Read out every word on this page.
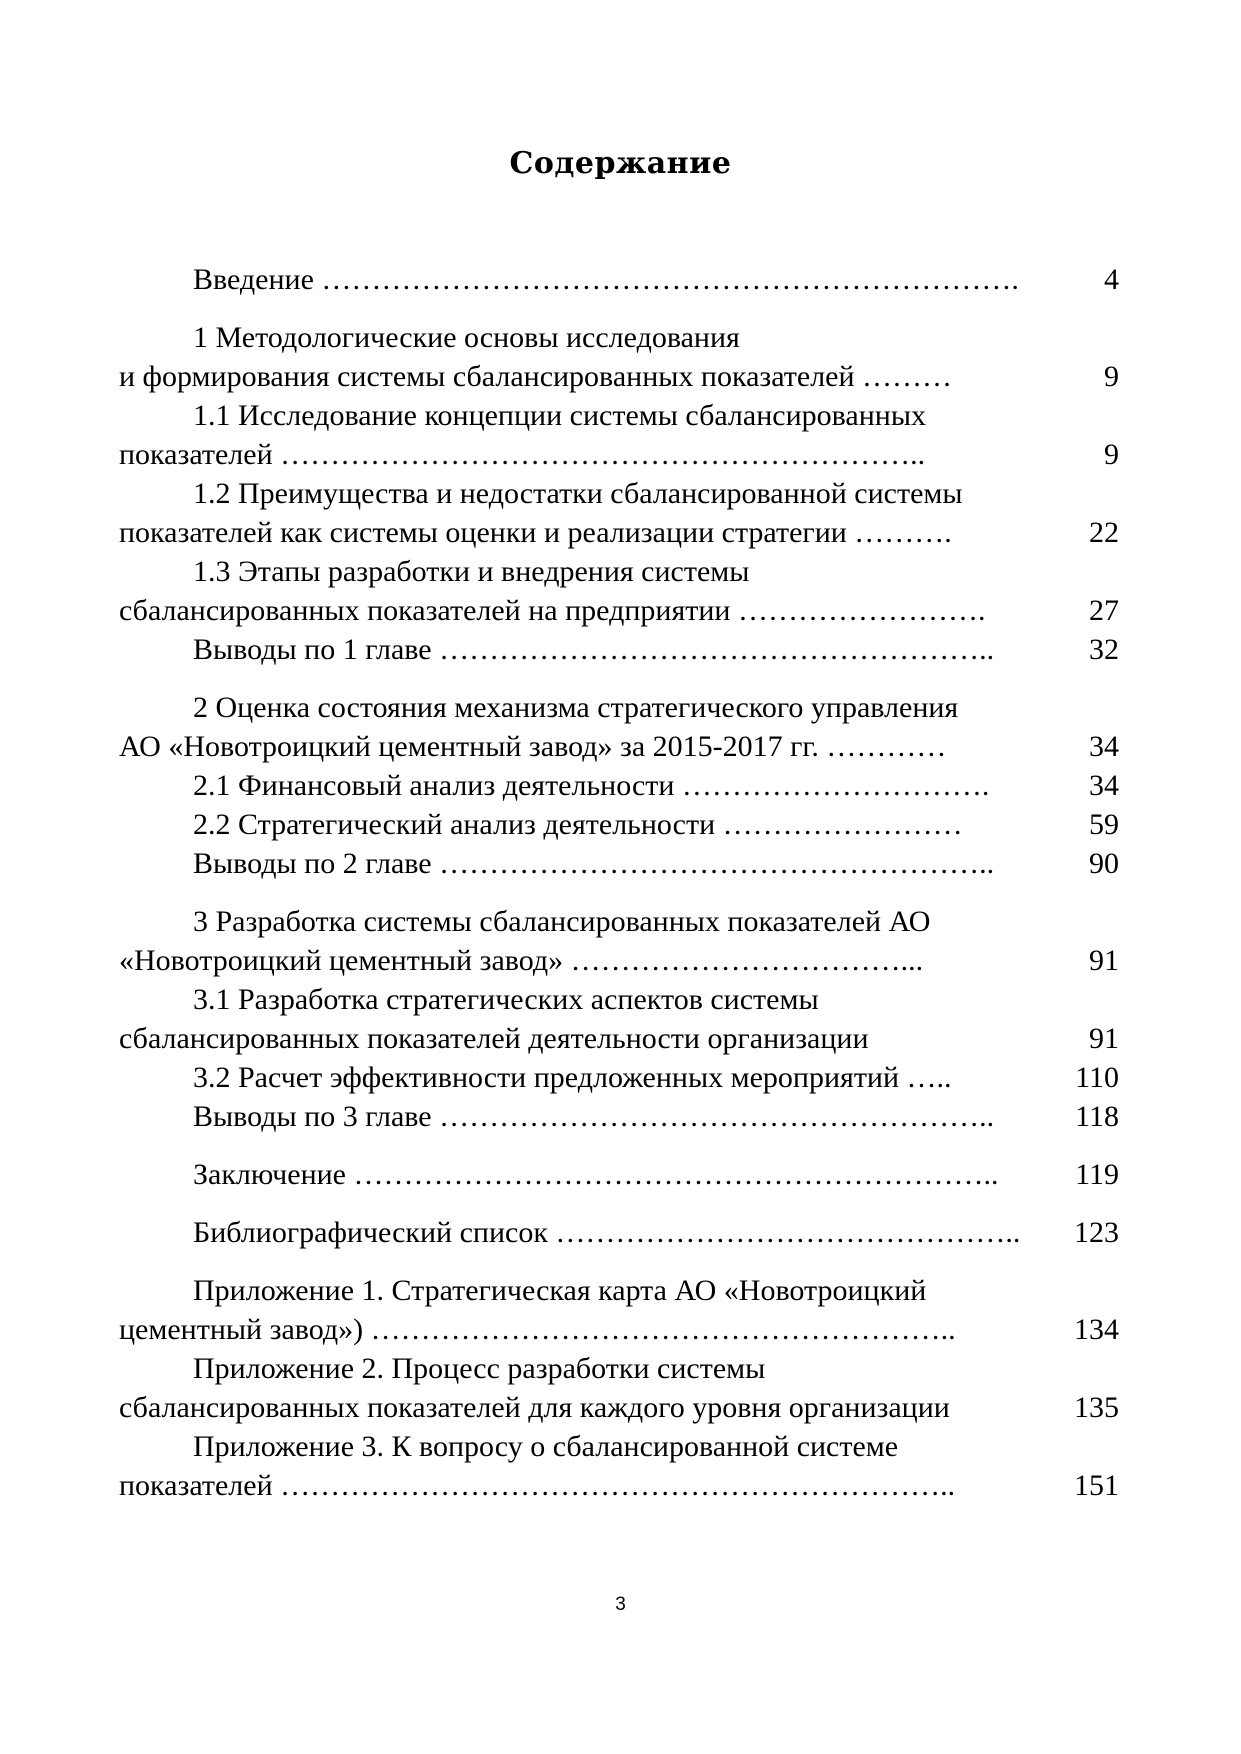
Содержание
Введение …………………………………………………………….	4
1 Методологические основы исследования
и формирования системы сбалансированных показателей ………	9
1.1 Исследование концепции системы сбалансированных
показателей ………………………………………………………..	9
1.2 Преимущества и недостатки сбалансированной системы
показателей как системы оценки и реализации стратегии ……….	22
1.3 Этапы разработки и внедрения системы
сбалансированных показателей на предприятии …………………….	27
Выводы по 1 главе ………………………………………………..	32
2 Оценка состояния механизма стратегического управления
АО «Новотроицкий цементный завод» за 2015-2017 гг. …………	34
2.1 Финансовый анализ деятельности ………………………….	34
2.2 Стратегический анализ деятельности ……………………	59
Выводы по 2 главе ………………………………………………..	90
3 Разработка системы сбалансированных показателей АО
«Новотроицкий цементный завод» ……………………………...	91
3.1 Разработка стратегических аспектов системы
сбалансированных показателей деятельности организации	91
3.2 Расчет эффективности предложенных мероприятий …..	110
Выводы по 3 главе ………………………………………………..	118
Заключение ………………………………………………………..	119
Библиографический список ………………………………………..	123
Приложение 1. Стратегическая карта АО «Новотроицкий
цементный завод») …………………………………………………..	134
Приложение 2. Процесс разработки системы
сбалансированных показателей для каждого уровня организации	135
Приложение 3. К вопросу о сбалансированной системе
показателей …………………………………………………………..	151
3
